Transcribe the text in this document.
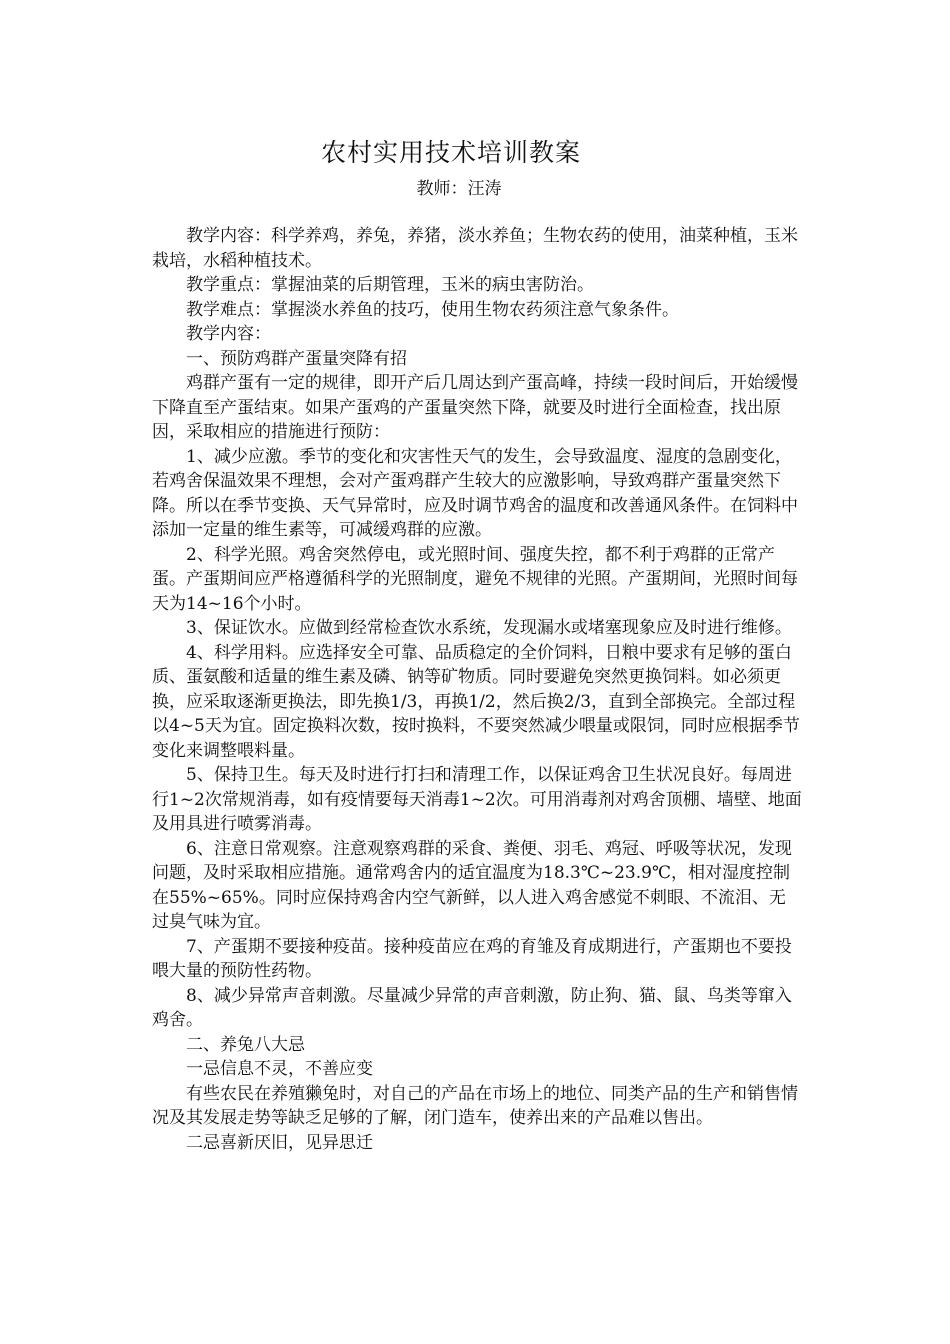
农村实用技术培训教案
教师：汪涛

教学内容：科学养鸡，养兔，养猪，淡水养鱼；生物农药的使用，油菜种植，玉米栽培，水稻种植技术。

教学重点：掌握油菜的后期管理，玉米的病虫害防治。

教学难点：掌握淡水养鱼的技巧，使用生物农药须注意气象条件。

教学内容：

一、预防鸡群产蛋量突降有招

鸡群产蛋有一定的规律，即开产后几周达到产蛋高峰，持续一段时间后，开始缓慢下降直至产蛋结束。如果产蛋鸡的产蛋量突然下降，就要及时进行全面检查，找出原因，采取相应的措施进行预防：

1、减少应激。季节的变化和灾害性天气的发生，会导致温度、湿度的急剧变化，若鸡舍保温效果不理想，会对产蛋鸡群产生较大的应激影响，导致鸡群产蛋量突然下降。所以在季节变换、天气异常时，应及时调节鸡舍的温度和改善通风条件。在饲料中添加一定量的维生素等，可减缓鸡群的应激。

2、科学光照。鸡舍突然停电，或光照时间、强度失控，都不利于鸡群的正常产蛋。产蛋期间应严格遵循科学的光照制度，避免不规律的光照。产蛋期间，光照时间每天为14~16个小时。

3、保证饮水。应做到经常检查饮水系统，发现漏水或堵塞现象应及时进行维修。

4、科学用料。应选择安全可靠、品质稳定的全价饲料，日粮中要求有足够的蛋白质、蛋氨酸和适量的维生素及磷、钠等矿物质。同时要避免突然更换饲料。如必须更换，应采取逐渐更换法，即先换1/3，再换1/2，然后换2/3，直到全部换完。全部过程以4~5天为宜。固定换料次数，按时换料，不要突然减少喂量或限饲，同时应根据季节变化来调整喂料量。

5、保持卫生。每天及时进行打扫和清理工作，以保证鸡舍卫生状况良好。每周进行1~2次常规消毒，如有疫情要每天消毒1~2次。可用消毒剂对鸡舍顶棚、墙壁、地面及用具进行喷雾消毒。

6、注意日常观察。注意观察鸡群的采食、粪便、羽毛、鸡冠、呼吸等状况，发现问题，及时采取相应措施。通常鸡舍内的适宜温度为18.3℃~23.9℃，相对湿度控制在55%~65%。同时应保持鸡舍内空气新鲜，以人进入鸡舍感觉不刺眼、不流泪、无过臭气味为宜。

7、产蛋期不要接种疫苗。接种疫苗应在鸡的育雏及育成期进行，产蛋期也不要投喂大量的预防性药物。

8、减少异常声音刺激。尽量减少异常的声音刺激，防止狗、猫、鼠、鸟类等窜入鸡舍。

二、养兔八大忌

一忌信息不灵，不善应变

有些农民在养殖獭兔时，对自己的产品在市场上的地位、同类产品的生产和销售情况及其发展走势等缺乏足够的了解，闭门造车，使养出来的产品难以售出。

二忌喜新厌旧，见异思迁
